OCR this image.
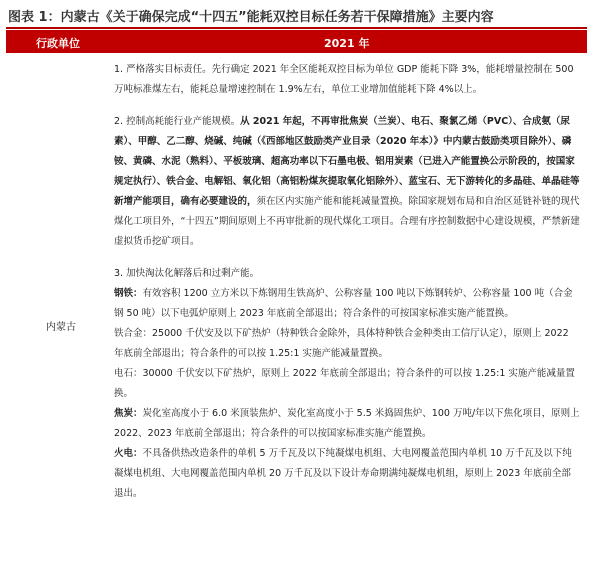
图表 1：内蒙古《关于确保完成“十四五”能耗双控目标任务若干保障措施》主要内容
行政单位	2021 年
内蒙古

1. 严格落实目标责任。先行确定 2021 年全区能耗双控目标为单位 GDP 能耗下降 3%，能耗增量控制在 500 万吨标准煤左右，能耗总量增速控制在 1.9%左右，单位工业增加值能耗下降 4%以上。

2. 控制高耗能行业产能规模。从 2021 年起，不再审批焦炭（兰炭）、电石、聚氯乙烯（PVC）、合成氨（尿素）、甲醇、乙二醇、烧碱、纯碱（《西部地区鼓励类产业目录（2020 年本）》中内蒙古鼓励类项目除外）、磷铵、黄磷、水泥（熟料）、平板玻璃、超高功率以下石墨电极、铝用炭素（已进入产能置换公示阶段的，按国家规定执行）、铁合金、电解铝、氧化铝（高铝粉煤灰提取氧化铝除外）、蓝宝石、无下游转化的多晶硅、单晶硅等新增产能项目，确有必要建设的，须在区内实施产能和能耗减量置换。除国家规划布局和自治区延链补链的现代煤化工项目外，“十四五”期间原则上不再审批新的现代煤化工项目。合理有序控制数据中心建设规模，严禁新建虚拟货币挖矿项目。

3. 加快淘汰化解落后和过剩产能。

钢铁：有效容积 1200 立方米以下炼钢用生铁高炉、公称容量 100 吨以下炼钢转炉、公称容量 100 吨（合金钢 50 吨）以下电弧炉原则上 2023 年底前全部退出；符合条件的可按国家标准实施产能置换。

铁合金：25000 千伏安及以下矿热炉（特种铁合金除外，具体特种铁合金种类由工信厅认定），原则上 2022 年底前全部退出；符合条件的可以按 1.25:1 实施产能减量置换。

电石：30000 千伏安以下矿热炉，原则上 2022 年底前全部退出；符合条件的可以按 1.25:1 实施产能减量置换。

焦炭：炭化室高度小于 6.0 米顶装焦炉、炭化室高度小于 5.5 米捣固焦炉、100 万吨/年以下焦化项目，原则上 2022、2023 年底前全部退出；符合条件的可以按国家标准实施产能置换。

火电：不具备供热改造条件的单机 5 万千瓦及以下纯凝煤电机组、大电网覆盖范围内单机 10 万千瓦及以下纯凝煤电机组、大电网覆盖范围内单机 20 万千瓦及以下设计寿命期满纯凝煤电机组，原则上 2023 年底前全部退出。
